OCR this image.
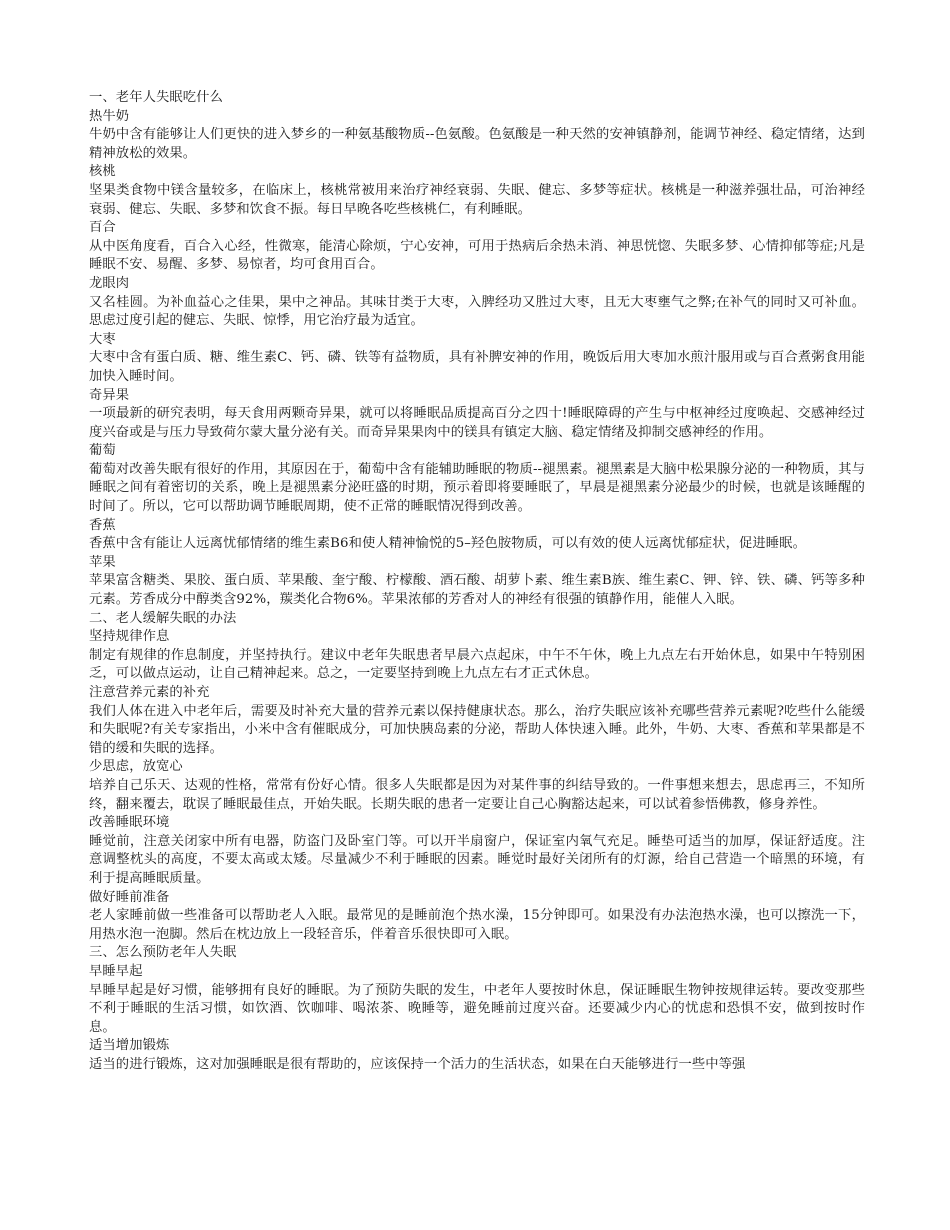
一、老年人失眠吃什么
热牛奶
牛奶中含有能够让人们更快的进入梦乡的一种氨基酸物质--色氨酸。色氨酸是一种天然的安神镇静剂，能调节神经、稳定情绪，达到精神放松的效果。
核桃
坚果类食物中镁含量较多，在临床上，核桃常被用来治疗神经衰弱、失眠、健忘、多梦等症状。核桃是一种滋养强壮品，可治神经衰弱、健忘、失眠、多梦和饮食不振。每日早晚各吃些核桃仁，有利睡眠。
百合
从中医角度看，百合入心经，性微寒，能清心除烦，宁心安神，可用于热病后余热未消、神思恍惚、失眠多梦、心情抑郁等症;凡是睡眠不安、易醒、多梦、易惊者，均可食用百合。
龙眼肉
又名桂圆。为补血益心之佳果，果中之神品。其味甘类于大枣，入脾经功又胜过大枣，且无大枣壅气之弊;在补气的同时又可补血。思虑过度引起的健忘、失眠、惊悸，用它治疗最为适宜。
大枣
大枣中含有蛋白质、糖、维生素C、钙、磷、铁等有益物质，具有补脾安神的作用，晚饭后用大枣加水煎汁服用或与百合煮粥食用能加快入睡时间。
奇异果
一项最新的研究表明，每天食用两颗奇异果，就可以将睡眠品质提高百分之四十!睡眠障碍的产生与中枢神经过度唤起、交感神经过度兴奋或是与压力导致荷尔蒙大量分泌有关。而奇异果果肉中的镁具有镇定大脑、稳定情绪及抑制交感神经的作用。
葡萄
葡萄对改善失眠有很好的作用，其原因在于，葡萄中含有能辅助睡眠的物质--褪黑素。褪黑素是大脑中松果腺分泌的一种物质，其与睡眠之间有着密切的关系，晚上是褪黑素分泌旺盛的时期，预示着即将要睡眠了，早晨是褪黑素分泌最少的时候，也就是该睡醒的时间了。所以，它可以帮助调节睡眠周期，使不正常的睡眠情况得到改善。
香蕉
香蕉中含有能让人远离忧郁情绪的维生素B6和使人精神愉悦的5–羟色胺物质，可以有效的使人远离忧郁症状，促进睡眠。
苹果
苹果富含糖类、果胶、蛋白质、苹果酸、奎宁酸、柠檬酸、酒石酸、胡萝卜素、维生素B族、维生素C、钾、锌、铁、磷、钙等多种元素。芳香成分中醇类含92%，羰类化合物6%。苹果浓郁的芳香对人的神经有很强的镇静作用，能催人入眠。
二、老人缓解失眠的办法
坚持规律作息
制定有规律的作息制度，并坚持执行。建议中老年失眠患者早晨六点起床，中午不午休，晚上九点左右开始休息，如果中午特别困乏，可以做点运动，让自己精神起来。总之，一定要坚持到晚上九点左右才正式休息。
注意营养元素的补充
我们人体在进入中老年后，需要及时补充大量的营养元素以保持健康状态。那么，治疗失眠应该补充哪些营养元素呢?吃些什么能缓和失眠呢?有关专家指出，小米中含有催眠成分，可加快胰岛素的分泌，帮助人体快速入睡。此外，牛奶、大枣、香蕉和苹果都是不错的缓和失眠的选择。
少思虑，放宽心
培养自己乐天、达观的性格，常常有份好心情。很多人失眠都是因为对某件事的纠结导致的。一件事想来想去，思虑再三，不知所终，翻来覆去，耽误了睡眠最佳点，开始失眠。长期失眠的患者一定要让自己心胸豁达起来，可以试着参悟佛教，修身养性。
改善睡眠环境
睡觉前，注意关闭家中所有电器，防盗门及卧室门等。可以开半扇窗户，保证室内氧气充足。睡垫可适当的加厚，保证舒适度。注意调整枕头的高度，不要太高或太矮。尽量减少不利于睡眠的因素。睡觉时最好关闭所有的灯源，给自己营造一个暗黑的环境，有利于提高睡眠质量。
做好睡前准备
老人家睡前做一些准备可以帮助老人入眠。最常见的是睡前泡个热水澡，15分钟即可。如果没有办法泡热水澡，也可以擦洗一下，用热水泡一泡脚。然后在枕边放上一段轻音乐，伴着音乐很快即可入眠。
三、怎么预防老年人失眠
早睡早起
早睡早起是好习惯，能够拥有良好的睡眠。为了预防失眠的发生，中老年人要按时休息，保证睡眠生物钟按规律运转。要改变那些不利于睡眠的生活习惯，如饮酒、饮咖啡、喝浓茶、晚睡等，避免睡前过度兴奋。还要减少内心的忧虑和恐惧不安，做到按时作息。
适当增加锻炼
适当的进行锻炼，这对加强睡眠是很有帮助的，应该保持一个活力的生活状态，如果在白天能够进行一些中等强
